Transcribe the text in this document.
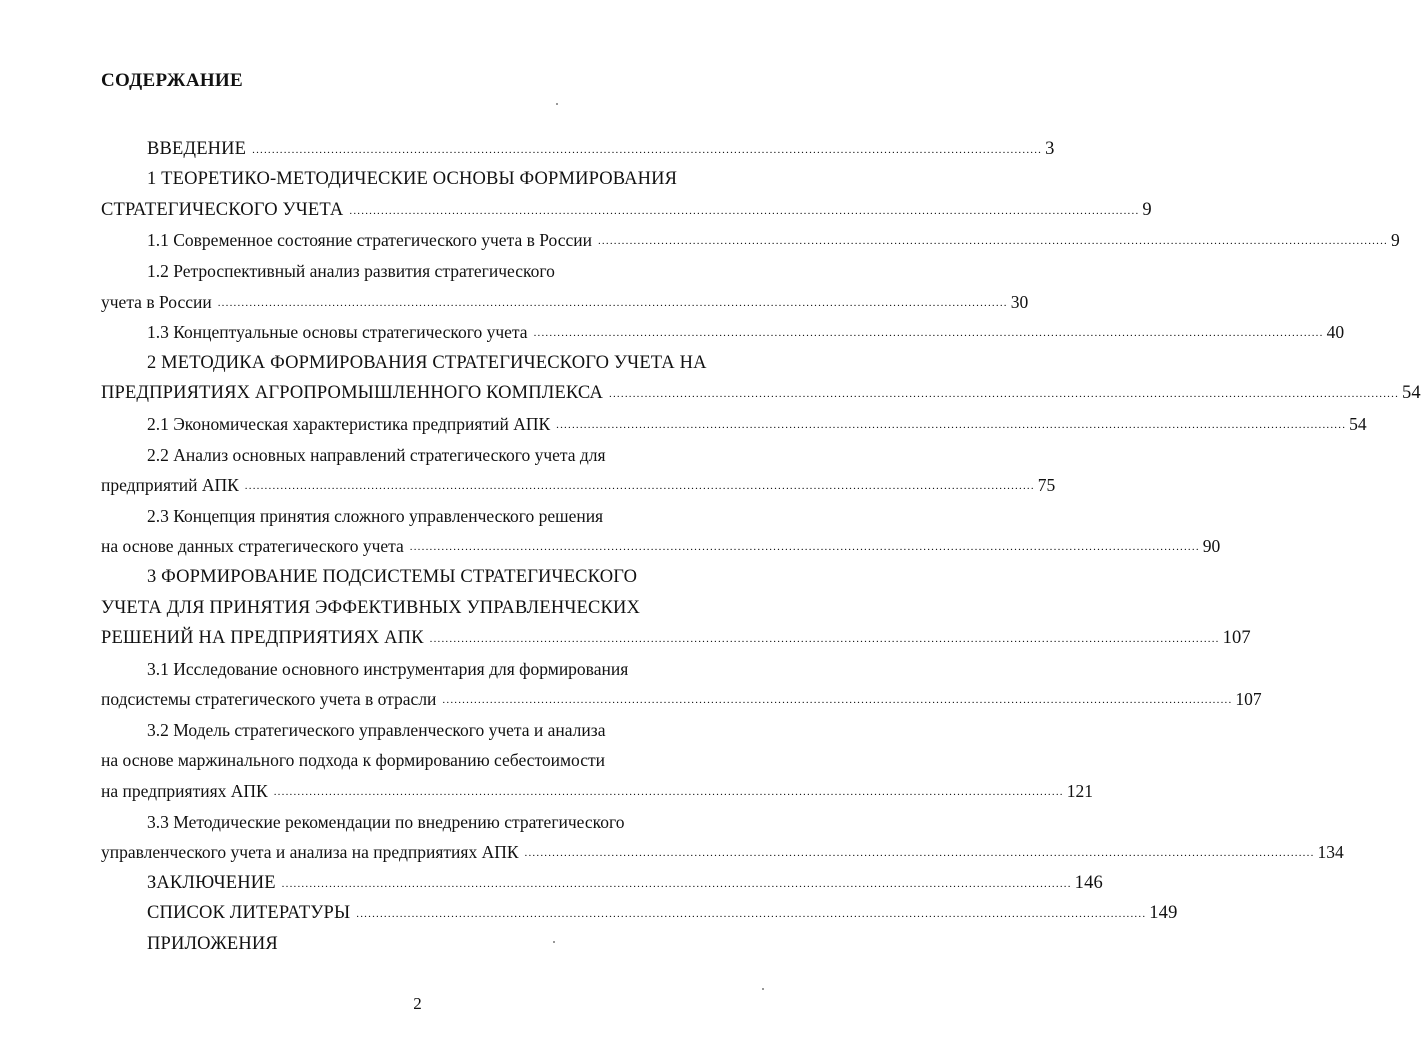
СОДЕРЖАНИЕ
ВВЕДЕНИЕ ........................................................................................................................................................................................................ 3
1 ТЕОРЕТИКО-МЕТОДИЧЕСКИЕ ОСНОВЫ ФОРМИРОВАНИЯ
СТРАТЕГИЧЕСКОГО УЧЕТА ........................................................................................................................................................................................................ 9
1.1 Современное состояние стратегического учета в России ........................................................................................................................................................................................................ 9
1.2 Ретроспективный анализ развития стратегического
учета в России ........................................................................................................................................................................................................ 30
1.3 Концептуальные основы стратегического учета ........................................................................................................................................................................................................ 40
2 МЕТОДИКА ФОРМИРОВАНИЯ СТРАТЕГИЧЕСКОГО УЧЕТА НА
ПРЕДПРИЯТИЯХ АГРОПРОМЫШЛЕННОГО КОМПЛЕКСА ........................................................................................................................................................................................................ 54
2.1 Экономическая характеристика предприятий АПК ........................................................................................................................................................................................................ 54
2.2 Анализ основных направлений стратегического учета для
предприятий АПК ........................................................................................................................................................................................................ 75
2.3 Концепция принятия сложного управленческого решения
на основе данных стратегического учета ........................................................................................................................................................................................................ 90
3 ФОРМИРОВАНИЕ ПОДСИСТЕМЫ СТРАТЕГИЧЕСКОГО
УЧЕТА ДЛЯ ПРИНЯТИЯ ЭФФЕКТИВНЫХ УПРАВЛЕНЧЕСКИХ
РЕШЕНИЙ НА ПРЕДПРИЯТИЯХ АПК ........................................................................................................................................................................................................ 107
3.1 Исследование основного инструментария для формирования
подсистемы стратегического учета в отрасли ........................................................................................................................................................................................................ 107
3.2 Модель стратегического управленческого учета и анализа
на основе маржинального подхода к формированию себестоимости
на предприятиях АПК ........................................................................................................................................................................................................ 121
3.3 Методические рекомендации по внедрению стратегического
управленческого учета и анализа на предприятиях АПК ........................................................................................................................................................................................................ 134
ЗАКЛЮЧЕНИЕ ........................................................................................................................................................................................................ 146
СПИСОК ЛИТЕРАТУРЫ ........................................................................................................................................................................................................ 149
ПРИЛОЖЕНИЯ
2
